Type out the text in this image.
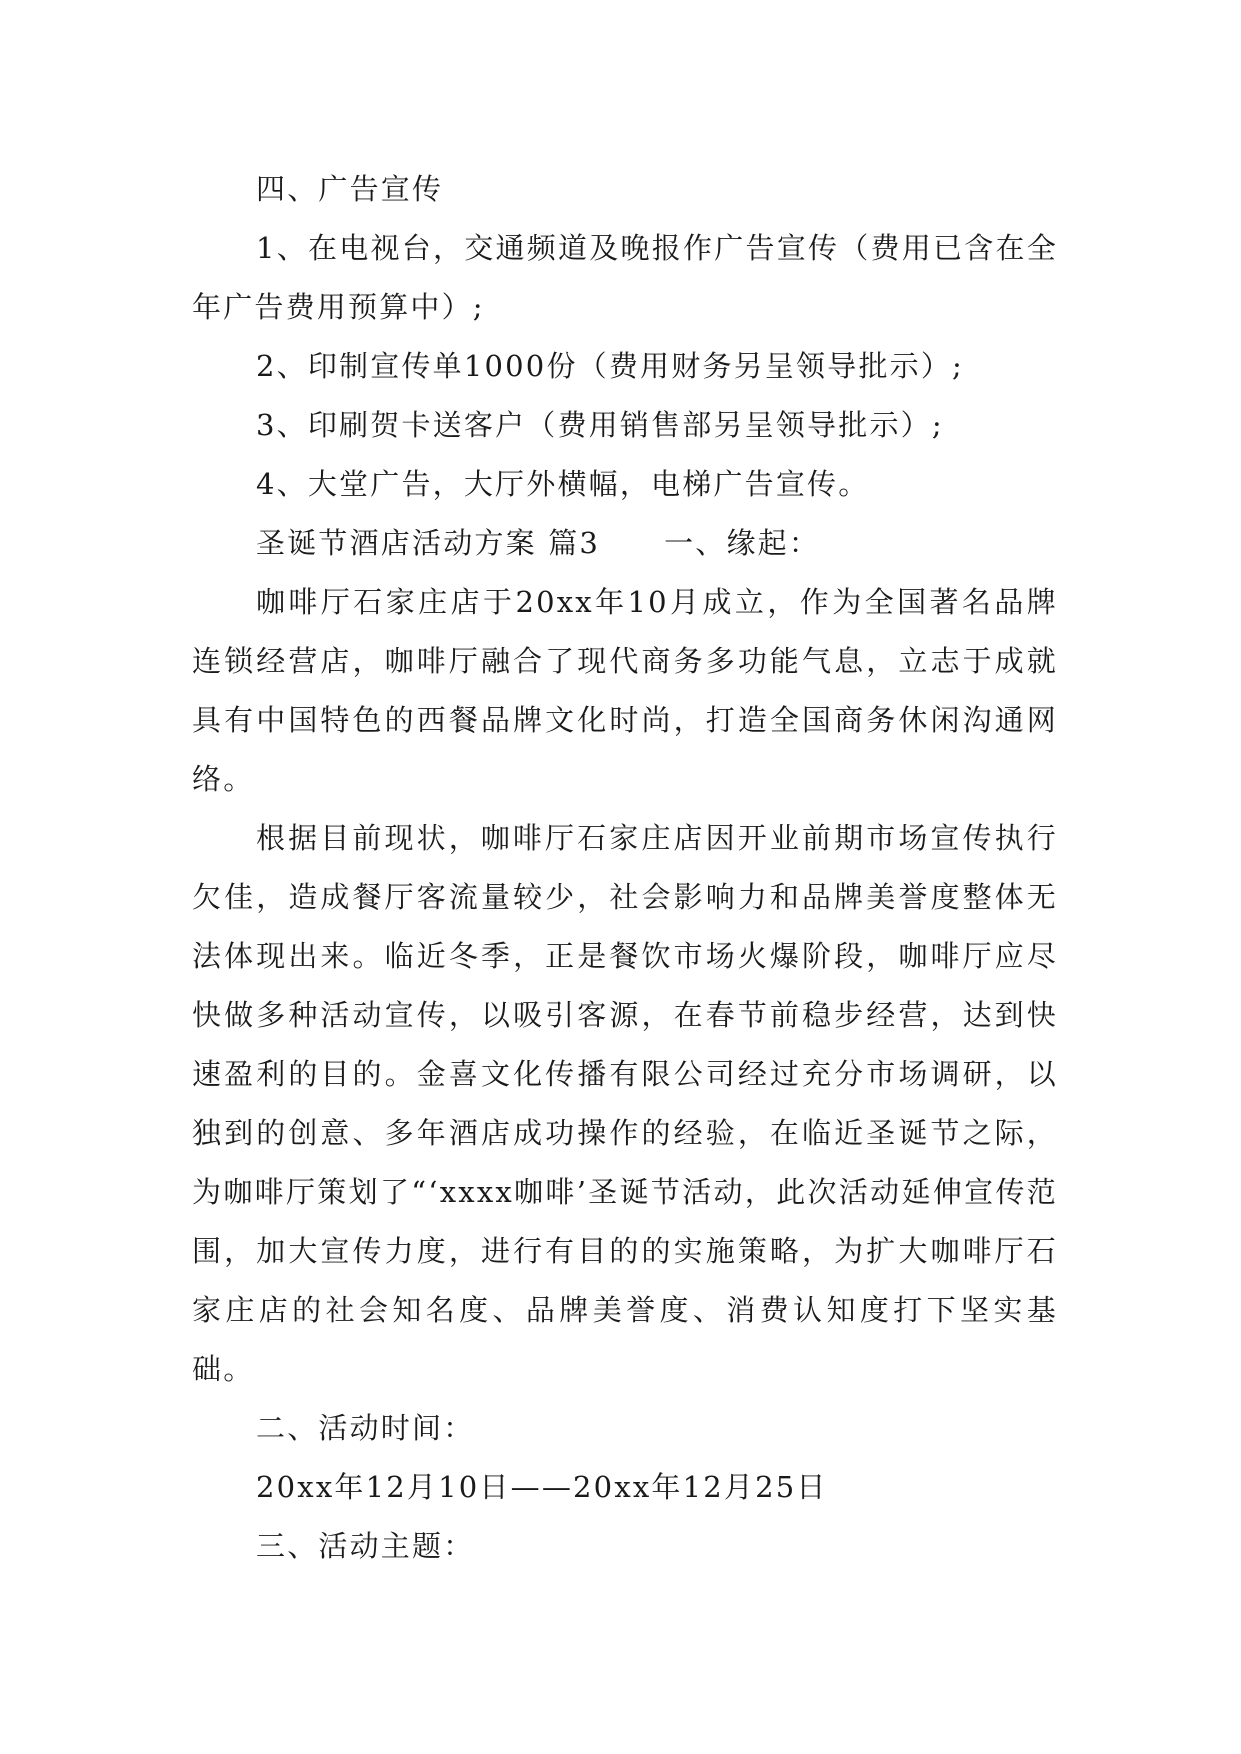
四、广告宣传

1、在电视台，交通频道及晚报作广告宣传（费用已含在全年广告费用预算中）;

2、印制宣传单1000份（费用财务另呈领导批示）;

3、印刷贺卡送客户（费用销售部另呈领导批示）;

4、大堂广告，大厅外横幅，电梯广告宣传。

圣诞节酒店活动方案 篇3 一、缘起：

咖啡厅石家庄店于20xx年10月成立，作为全国著名品牌连锁经营店，咖啡厅融合了现代商务多功能气息，立志于成就具有中国特色的西餐品牌文化时尚，打造全国商务休闲沟通网络。

根据目前现状，咖啡厅石家庄店因开业前期市场宣传执行欠佳，造成餐厅客流量较少，社会影响力和品牌美誉度整体无法体现出来。临近冬季，正是餐饮市场火爆阶段，咖啡厅应尽快做多种活动宣传，以吸引客源，在春节前稳步经营，达到快速盈利的目的。金喜文化传播有限公司经过充分市场调研，以独到的创意、多年酒店成功操作的经验，在临近圣诞节之际，为咖啡厅策划了“‘xxxx咖啡’圣诞节活动，此次活动延伸宣传范围，加大宣传力度，进行有目的的实施策略，为扩大咖啡厅石家庄店的社会知名度、品牌美誉度、消费认知度打下坚实基础。

二、活动时间：

20xx年12月10日——20xx年12月25日

三、活动主题：
